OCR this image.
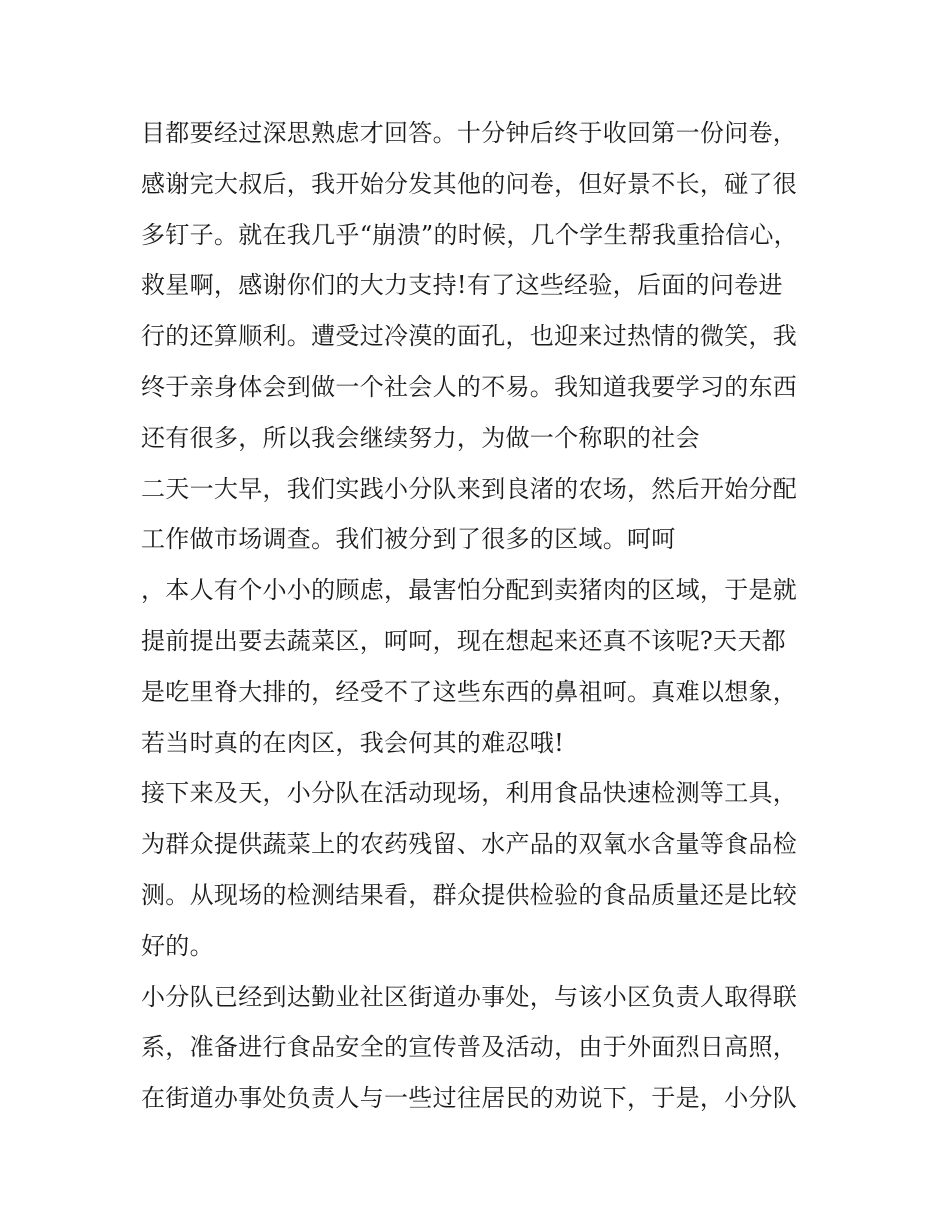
目都要经过深思熟虑才回答。十分钟后终于收回第一份问卷，
感谢完大叔后，我开始分发其他的问卷，但好景不长，碰了很
多钉子。就在我几乎“崩溃”的时候，几个学生帮我重拾信心，
救星啊，感谢你们的大力支持!有了这些经验，后面的问卷进
行的还算顺利。遭受过冷漠的面孔，也迎来过热情的微笑，我
终于亲身体会到做一个社会人的不易。我知道我要学习的东西
还有很多，所以我会继续努力，为做一个称职的社会
二天一大早，我们实践小分队来到良渚的农场，然后开始分配
工作做市场调查。我们被分到了很多的区域。呵呵
，本人有个小小的顾虑，最害怕分配到卖猪肉的区域，于是就
提前提出要去蔬菜区，呵呵，现在想起来还真不该呢?天天都
是吃里脊大排的，经受不了这些东西的鼻祖呵。真难以想象，
若当时真的在肉区，我会何其的难忍哦!
接下来及天，小分队在活动现场，利用食品快速检测等工具，
为群众提供蔬菜上的农药残留、水产品的双氧水含量等食品检
测。从现场的检测结果看，群众提供检验的食品质量还是比较
好的。
小分队已经到达勤业社区街道办事处，与该小区负责人取得联
系，准备进行食品安全的宣传普及活动，由于外面烈日高照，
在街道办事处负责人与一些过往居民的劝说下，于是，小分队
